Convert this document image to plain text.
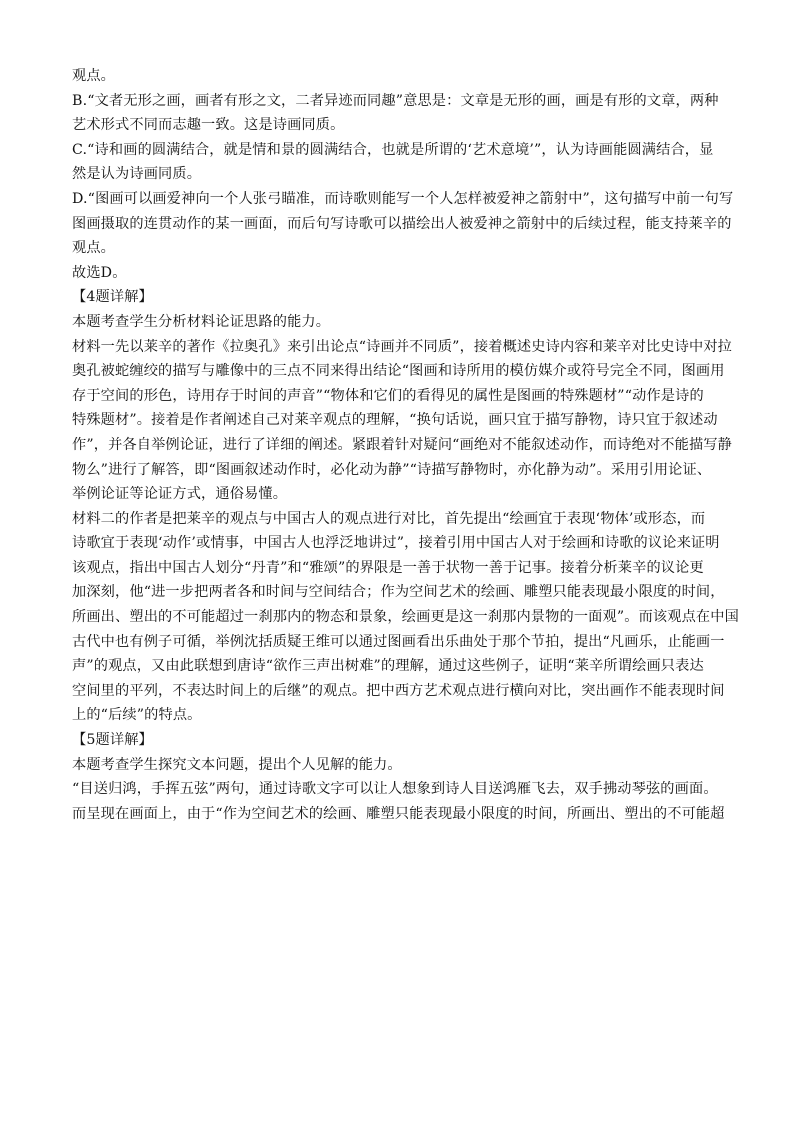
观点。
B.“文者无形之画，画者有形之文，二者异迹而同趣”意思是：文章是无形的画，画是有形的文章，两种
艺术形式不同而志趣一致。这是诗画同质。
C.“诗和画的圆满结合，就是情和景的圆满结合，也就是所谓的‘艺术意境’”，认为诗画能圆满结合，显
然是认为诗画同质。
D.“图画可以画爱神向一个人张弓瞄准，而诗歌则能写一个人怎样被爱神之箭射中”，这句描写中前一句写
图画摄取的连贯动作的某一画面，而后句写诗歌可以描绘出人被爱神之箭射中的后续过程，能支持莱辛的
观点。
故选D。
【4题详解】
本题考查学生分析材料论证思路的能力。
材料一先以莱辛的著作《拉奥孔》来引出论点“诗画并不同质”，接着概述史诗内容和莱辛对比史诗中对拉
奥孔被蛇缠绞的描写与雕像中的三点不同来得出结论“图画和诗所用的模仿媒介或符号完全不同，图画用
存于空间的形色，诗用存于时间的声音”“物体和它们的看得见的属性是图画的特殊题材”“动作是诗的
特殊题材”。接着是作者阐述自己对莱辛观点的理解，“换句话说，画只宜于描写静物，诗只宜于叙述动
作”，并各自举例论证，进行了详细的阐述。紧跟着针对疑问“画绝对不能叙述动作，而诗绝对不能描写静
物么”进行了解答，即“图画叙述动作时，必化动为静”“诗描写静物时，亦化静为动”。采用引用论证、
举例论证等论证方式，通俗易懂。
材料二的作者是把莱辛的观点与中国古人的观点进行对比，首先提出“绘画宜于表现‘物体’或形态，而
诗歌宜于表现‘动作’或情事，中国古人也浮泛地讲过”，接着引用中国古人对于绘画和诗歌的议论来证明
该观点，指出中国古人划分“丹青”和“雅颂”的界限是一善于状物一善于记事。接着分析莱辛的议论更
加深刻，他“进一步把两者各和时间与空间结合；作为空间艺术的绘画、雕塑只能表现最小限度的时间，
所画出、塑出的不可能超过一刹那内的物态和景象，绘画更是这一刹那内景物的一面观”。而该观点在中国
古代中也有例子可循，举例沈括质疑王维可以通过图画看出乐曲处于那个节拍，提出“凡画乐，止能画一
声”的观点，又由此联想到唐诗“欲作三声出树难”的理解，通过这些例子，证明“莱辛所谓绘画只表达
空间里的平列，不表达时间上的后继”的观点。把中西方艺术观点进行横向对比，突出画作不能表现时间
上的“后续”的特点。
【5题详解】
本题考查学生探究文本问题，提出个人见解的能力。
“目送归鸿，手挥五弦”两句，通过诗歌文字可以让人想象到诗人目送鸿雁飞去，双手拂动琴弦的画面。
而呈现在画面上，由于“作为空间艺术的绘画、雕塑只能表现最小限度的时间，所画出、塑出的不可能超
